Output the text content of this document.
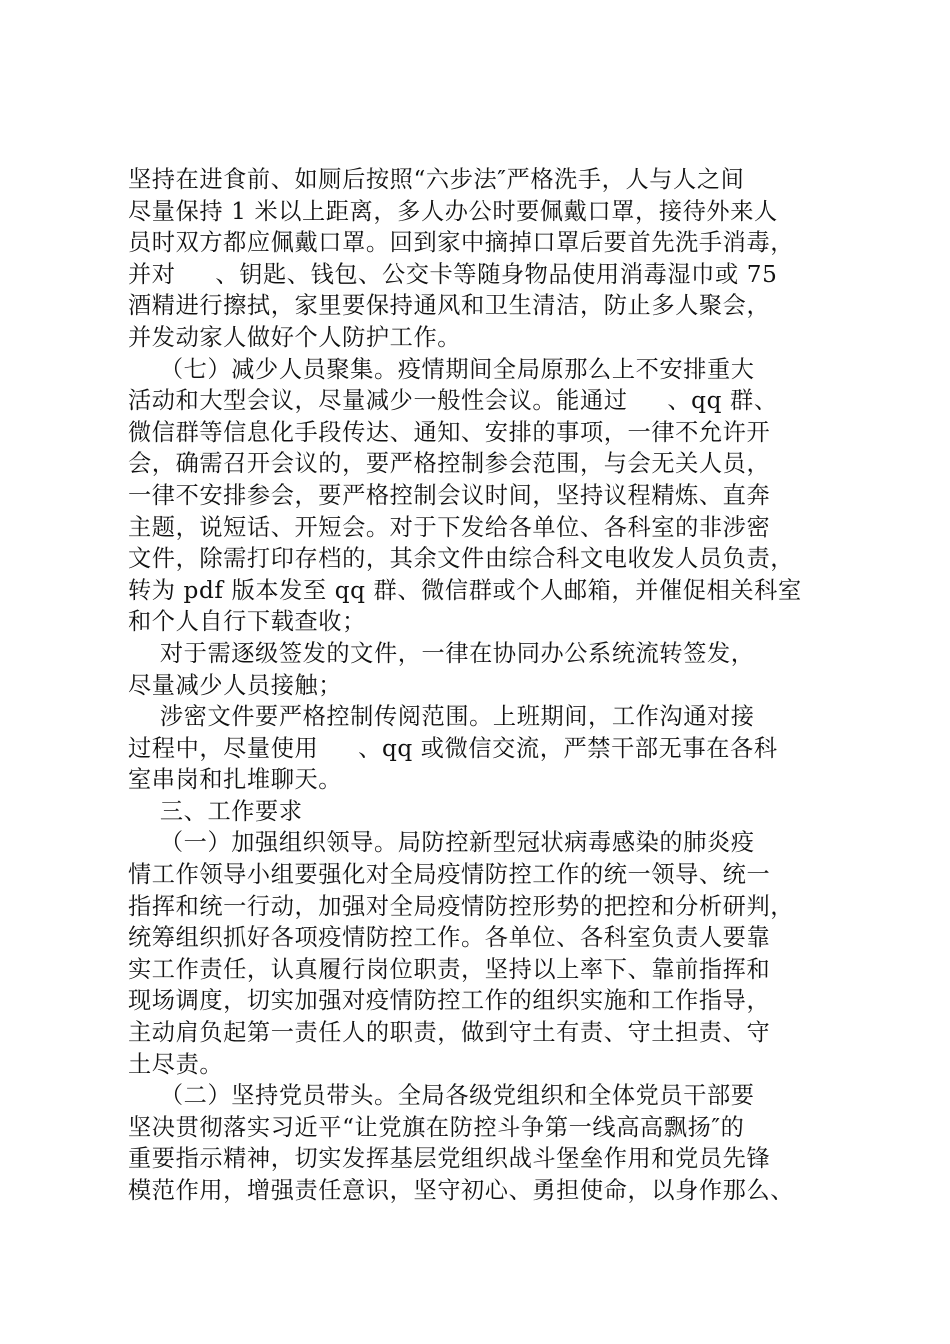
坚持在进食前、如厕后按照“六步法″严格洗手，人与人之间
尽量保持 1 米以上距离，多人办公时要佩戴口罩，接待外来人
员时双方都应佩戴口罩。回到家中摘掉口罩后要首先洗手消毒，
并对     、钥匙、钱包、公交卡等随身物品使用消毒湿巾或 75
酒精进行擦拭，家里要保持通风和卫生清洁，防止多人聚会，
并发动家人做好个人防护工作。
（七）减少人员聚集。疫情期间全局原那么上不安排重大
活动和大型会议，尽量减少一般性会议。能通过     、qq 群、
微信群等信息化手段传达、通知、安排的事项，一律不允许开
会，确需召开会议的，要严格控制参会范围，与会无关人员，
一律不安排参会，要严格控制会议时间，坚持议程精炼、直奔
主题，说短话、开短会。对于下发给各单位、各科室的非涉密
文件，除需打印存档的，其余文件由综合科文电收发人员负责，
转为 pdf 版本发至 qq 群、微信群或个人邮箱，并催促相关科室
和个人自行下载查收；
对于需逐级签发的文件，一律在协同办公系统流转签发，
尽量减少人员接触；
涉密文件要严格控制传阅范围。上班期间，工作沟通对接
过程中，尽量使用     、qq 或微信交流，严禁干部无事在各科
室串岗和扎堆聊天。
三、工作要求
（一）加强组织领导。局防控新型冠状病毒感染的肺炎疫
情工作领导小组要强化对全局疫情防控工作的统一领导、统一
指挥和统一行动，加强对全局疫情防控形势的把控和分析研判，
统筹组织抓好各项疫情防控工作。各单位、各科室负责人要靠
实工作责任，认真履行岗位职责，坚持以上率下、靠前指挥和
现场调度，切实加强对疫情防控工作的组织实施和工作指导，
主动肩负起第一责任人的职责，做到守土有责、守土担责、守
土尽责。
（二）坚持党员带头。全局各级党组织和全体党员干部要
坚决贯彻落实习近平“让党旗在防控斗争第一线高高飘扬″的
重要指示精神，切实发挥基层党组织战斗堡垒作用和党员先锋
模范作用，增强责任意识，坚守初心、勇担使命，以身作那么、
